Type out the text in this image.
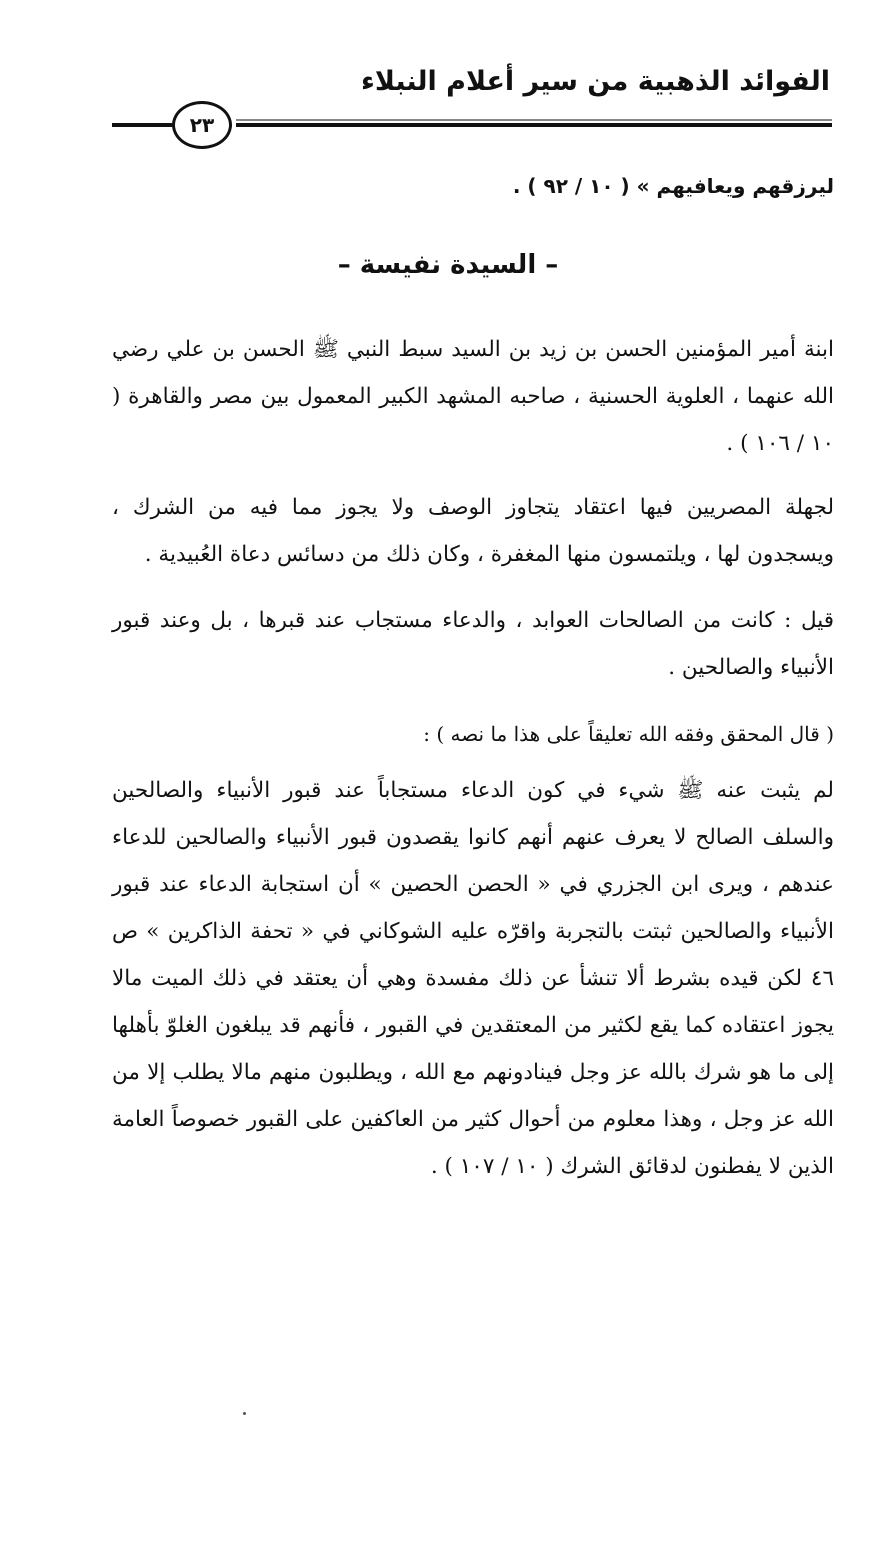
الفوائد الذهبية من سير أعلام النبلاء
٢٣
ليرزقهم ويعافيهم » ( ١٠ / ٩٢ ) .
– السيدة نفيسة –
ابنة أمير المؤمنين الحسن بن زيد بن السيد سبط النبي ﷺ الحسن بن علي رضي الله عنهما ، العلوية الحسنية ، صاحبه المشهد الكبير المعمول بين مصر والقاهرة ( ١٠ / ١٠٦ ) .
لجهلة المصريين فيها اعتقاد يتجاوز الوصف ولا يجوز مما فيه من الشرك ، ويسجدون لها ، ويلتمسون منها المغفرة ، وكان ذلك من دسائس دعاة العُبيدية .
قيل : كانت من الصالحات العوابد ، والدعاء مستجاب عند قبرها ، بل وعند قبور الأنبياء والصالحين .
( قال المحقق وفقه الله تعليقاً على هذا ما نصه ) :
لم يثبت عنه ﷺ شيء في كون الدعاء مستجاباً عند قبور الأنبياء والصالحين والسلف الصالح لا يعرف عنهم أنهم كانوا يقصدون قبور الأنبياء والصالحين للدعاء عندهم ، ويرى ابن الجزري في « الحصن الحصين » أن استجابة الدعاء عند قبور الأنبياء والصالحين ثبتت بالتجربة واقرّه عليه الشوكاني في « تحفة الذاكرين » ص ٤٦ لكن قيده بشرط ألا تنشأ عن ذلك مفسدة وهي أن يعتقد في ذلك الميت مالا يجوز اعتقاده كما يقع لكثير من المعتقدين في القبور ، فأنهم قد يبلغون الغلوّ بأهلها إلى ما هو شرك بالله عز وجل فينادونهم مع الله ، ويطلبون منهم مالا يطلب إلا من الله عز وجل ، وهذا معلوم من أحوال كثير من العاكفين على القبور خصوصاً العامة الذين لا يفطنون لدقائق الشرك ( ١٠ / ١٠٧ ) .
